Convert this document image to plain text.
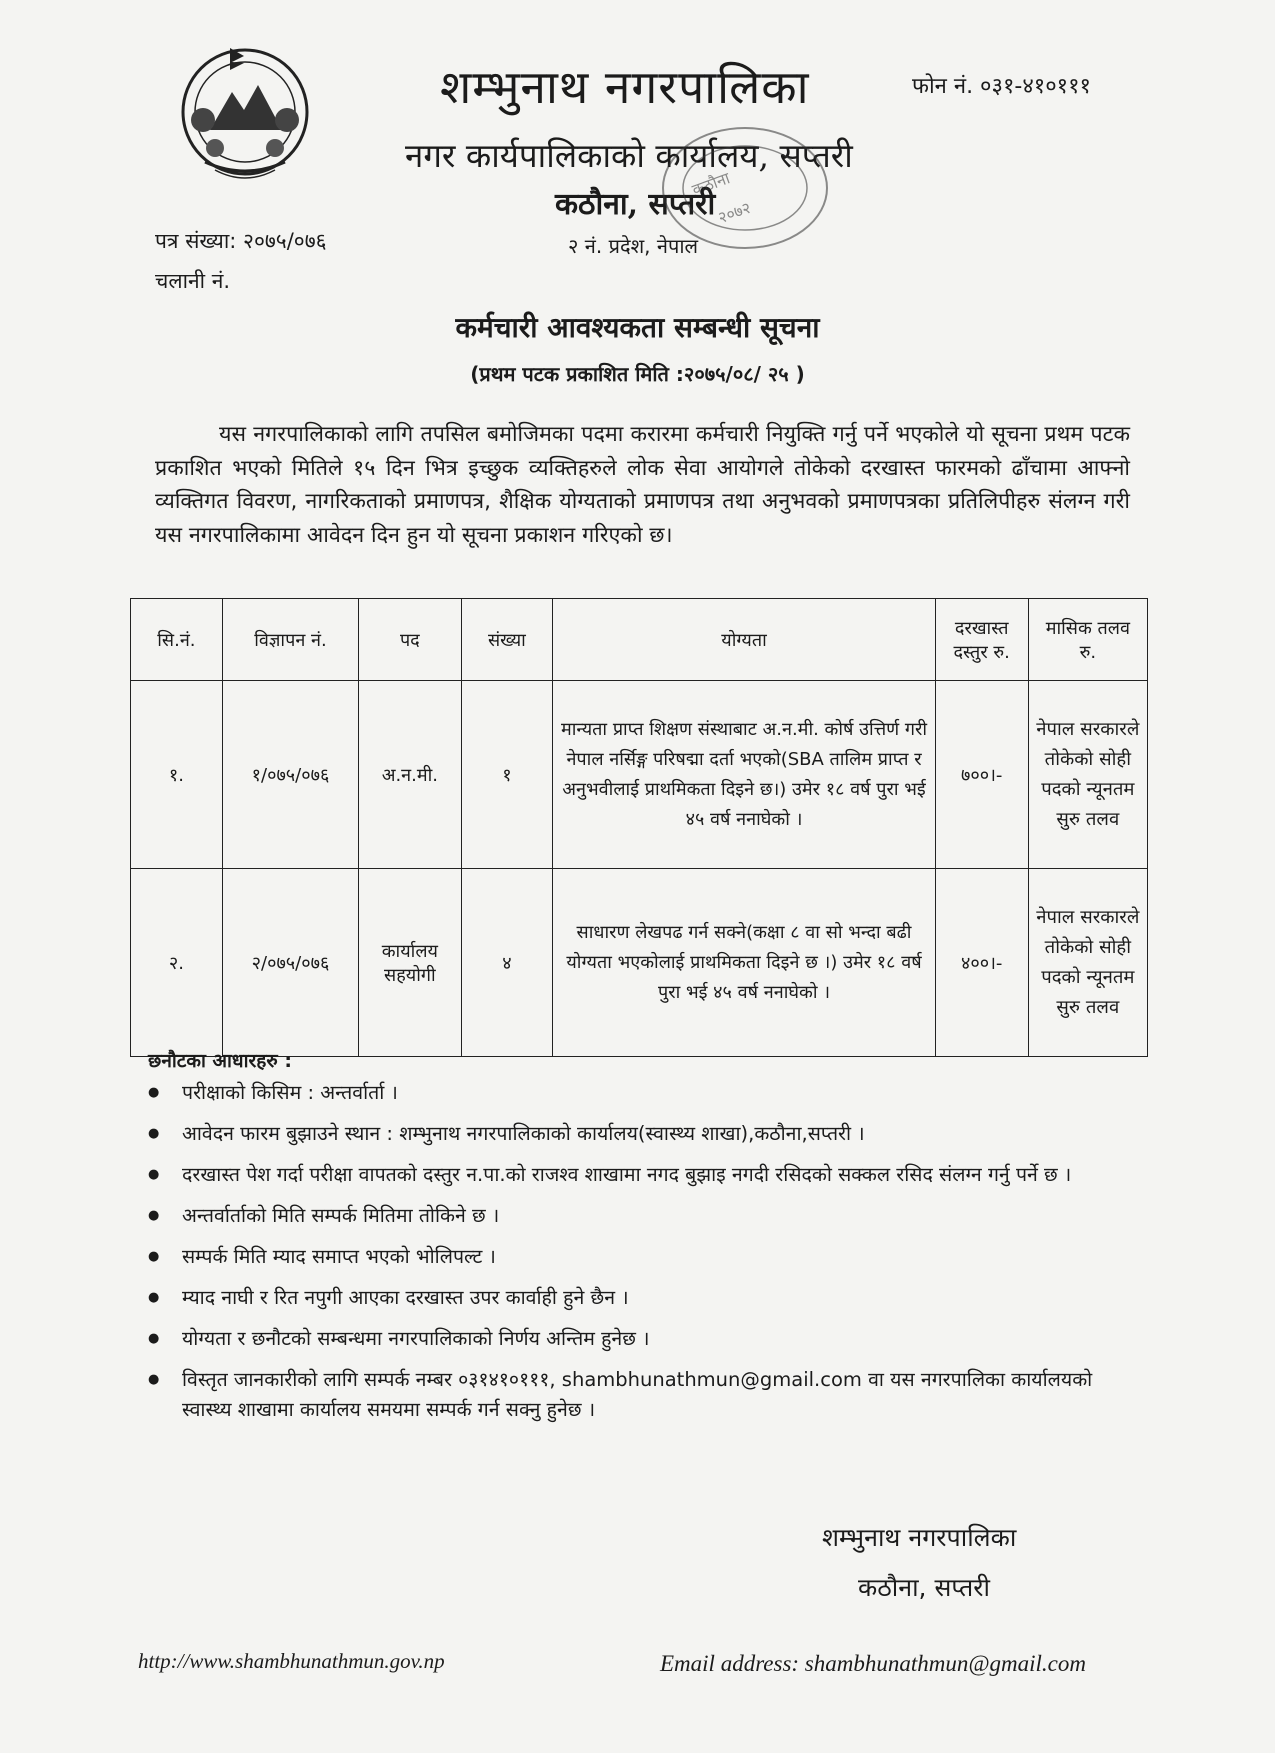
शम्भुनाथ नगरपालिका
नगर कार्यपालिकाको कार्यालय, सप्तरी
कठौना, सप्तरी
२ नं. प्रदेश, नेपाल
फोन नं. ०३१-४१०१११
कठौना
२०७२
पत्र संख्या: २०७५/०७६
चलानी नं.
कर्मचारी आवश्यकता सम्बन्धी सूचना
(प्रथम पटक प्रकाशित मिति :२०७५/०८/ २५ )
यस नगरपालिकाको लागि तपसिल बमोजिमका पदमा करारमा कर्मचारी नियुक्ति गर्नु पर्ने भएकोले यो सूचना प्रथम पटक प्रकाशित भएको मितिले १५ दिन भित्र इच्छुक व्यक्तिहरुले लोक सेवा आयोगले तोकेको दरखास्त फारमको ढाँचामा आफ्नो व्यक्तिगत विवरण, नागरिकताको प्रमाणपत्र, शैक्षिक योग्यताको प्रमाणपत्र तथा अनुभवको प्रमाणपत्रका प्रतिलिपीहरु संलग्न गरी यस नगरपालिकामा आवेदन दिन हुन यो सूचना प्रकाशन गरिएको छ।
सि.नं.	विज्ञापन नं.	पद	संख्या	योग्यता	दरखास्त दस्तुर रु.	मासिक तलव रु.
१.	१/०७५/०७६	अ.न.मी.	१	मान्यता प्राप्त शिक्षण संस्थाबाट अ.न.मी. कोर्ष उत्तिर्ण गरी नेपाल नर्सिङ्ग परिषद्मा दर्ता भएको(SBA तालिम प्राप्त र अनुभवीलाई प्राथमिकता दिइने छ।) उमेर १८ वर्ष पुरा भई ४५ वर्ष ननाघेको ।	७००।-	नेपाल सरकारले तोकेको सोही पदको न्यूनतम सुरु तलव
२.	२/०७५/०७६	कार्यालय सहयोगी	४	साधारण लेखपढ गर्न सक्ने(कक्षा ८ वा सो भन्दा बढी योग्यता भएकोलाई प्राथमिकता दिइने छ ।) उमेर १८ वर्ष पुरा भई ४५ वर्ष ननाघेको ।	४००।-	नेपाल सरकारले तोकेको सोही पदको न्यूनतम सुरु तलव
छनौटका आधारहरु :
● परीक्षाको किसिम : अन्तर्वार्ता ।
● आवेदन फारम बुझाउने स्थान : शम्भुनाथ नगरपालिकाको कार्यालय(स्वास्थ्य शाखा),कठौना,सप्तरी ।
● दरखास्त पेश गर्दा परीक्षा वापतको दस्तुर न.पा.को राजश्व शाखामा नगद बुझाइ नगदी रसिदको सक्कल रसिद संलग्न गर्नु पर्ने छ ।
● अन्तर्वार्ताको मिति सम्पर्क मितिमा तोकिने छ ।
● सम्पर्क मिति म्याद समाप्त भएको भोलिपल्ट ।
● म्याद नाघी र रित नपुगी आएका दरखास्त उपर कार्वाही हुने छैन ।
● योग्यता र छनौटको सम्बन्धमा नगरपालिकाको निर्णय अन्तिम हुनेछ ।
● विस्तृत जानकारीको लागि सम्पर्क नम्बर ०३१४१०१११, shambhunathmun@gmail.com वा यस नगरपालिका कार्यालयको स्वास्थ्य शाखामा कार्यालय समयमा सम्पर्क गर्न सक्नु हुनेछ ।
शम्भुनाथ नगरपालिका
कठौना, सप्तरी
http://www.shambhunathmun.gov.np	Email address: shambhunathmun@gmail.com
